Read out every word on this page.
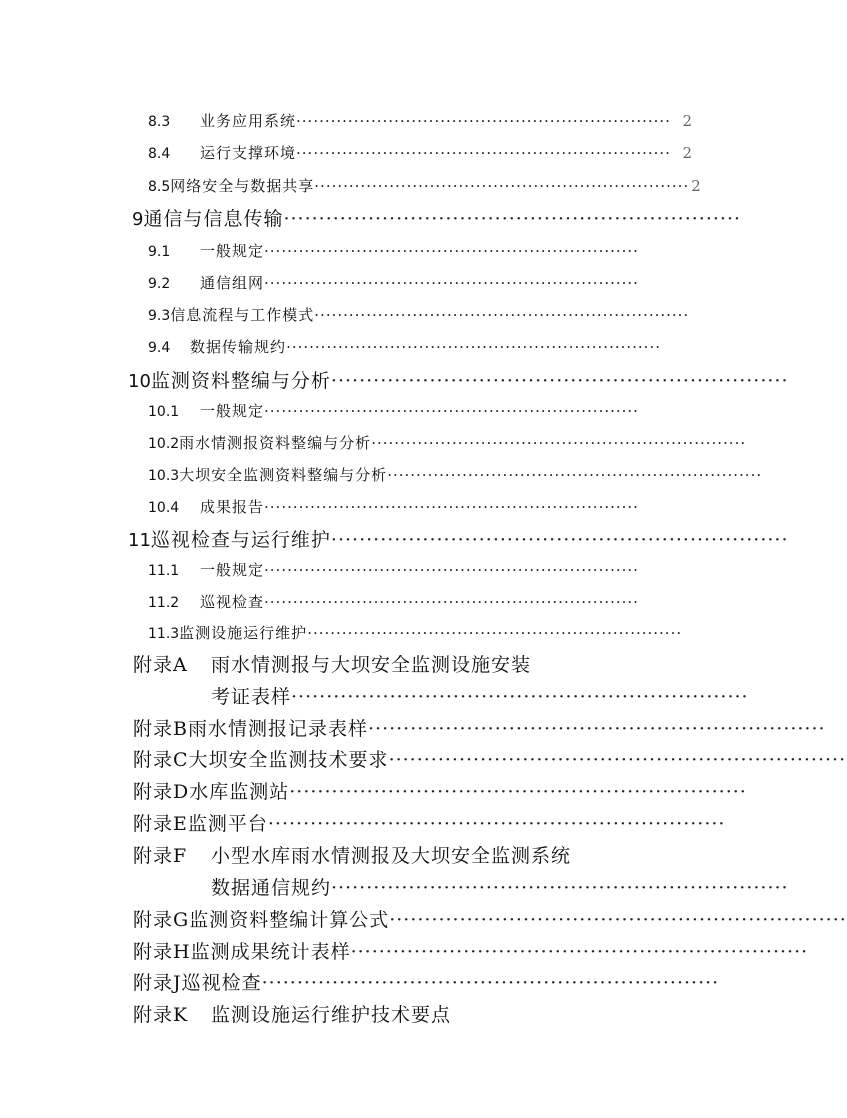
8.3	业务应用系统 ································································· 2
8.4	运行支撑环境 ································································· 2
8.5 网络安全与数据共享 ································································· 2
9 通信与信息传输 ·································································
9.1	一般规定 ·································································
9.2	通信组网 ·································································
9.3 信息流程与工作模式 ·································································
9.4	数据传输规约 ·································································
10 监测资料整编与分析 ·································································
10.1	一般规定 ·································································
10.2 雨水情测报资料整编与分析 ·································································
10.3 大坝安全监测资料整编与分析 ·································································
10.4	成果报告 ·································································
11 巡视检查与运行维护 ·································································
11.1	一般规定 ·································································
11.2	巡视检查 ·································································
11.3 监测设施运行维护 ·································································
附录A	雨水情测报与大坝安全监测设施安装
考证表样 ·································································
附录B 雨水情测报记录表样 ·································································
附录C 大坝安全监测技术要求 ·································································
附录D 水库监测站 ·································································
附录E 监测平台 ·································································
附录F	小型水库雨水情测报及大坝安全监测系统
数据通信规约 ·································································
附录G 监测资料整编计算公式 ·································································
附录H 监测成果统计表样 ·································································
附录J 巡视检查 ·································································
附录K	监测设施运行维护技术要点
